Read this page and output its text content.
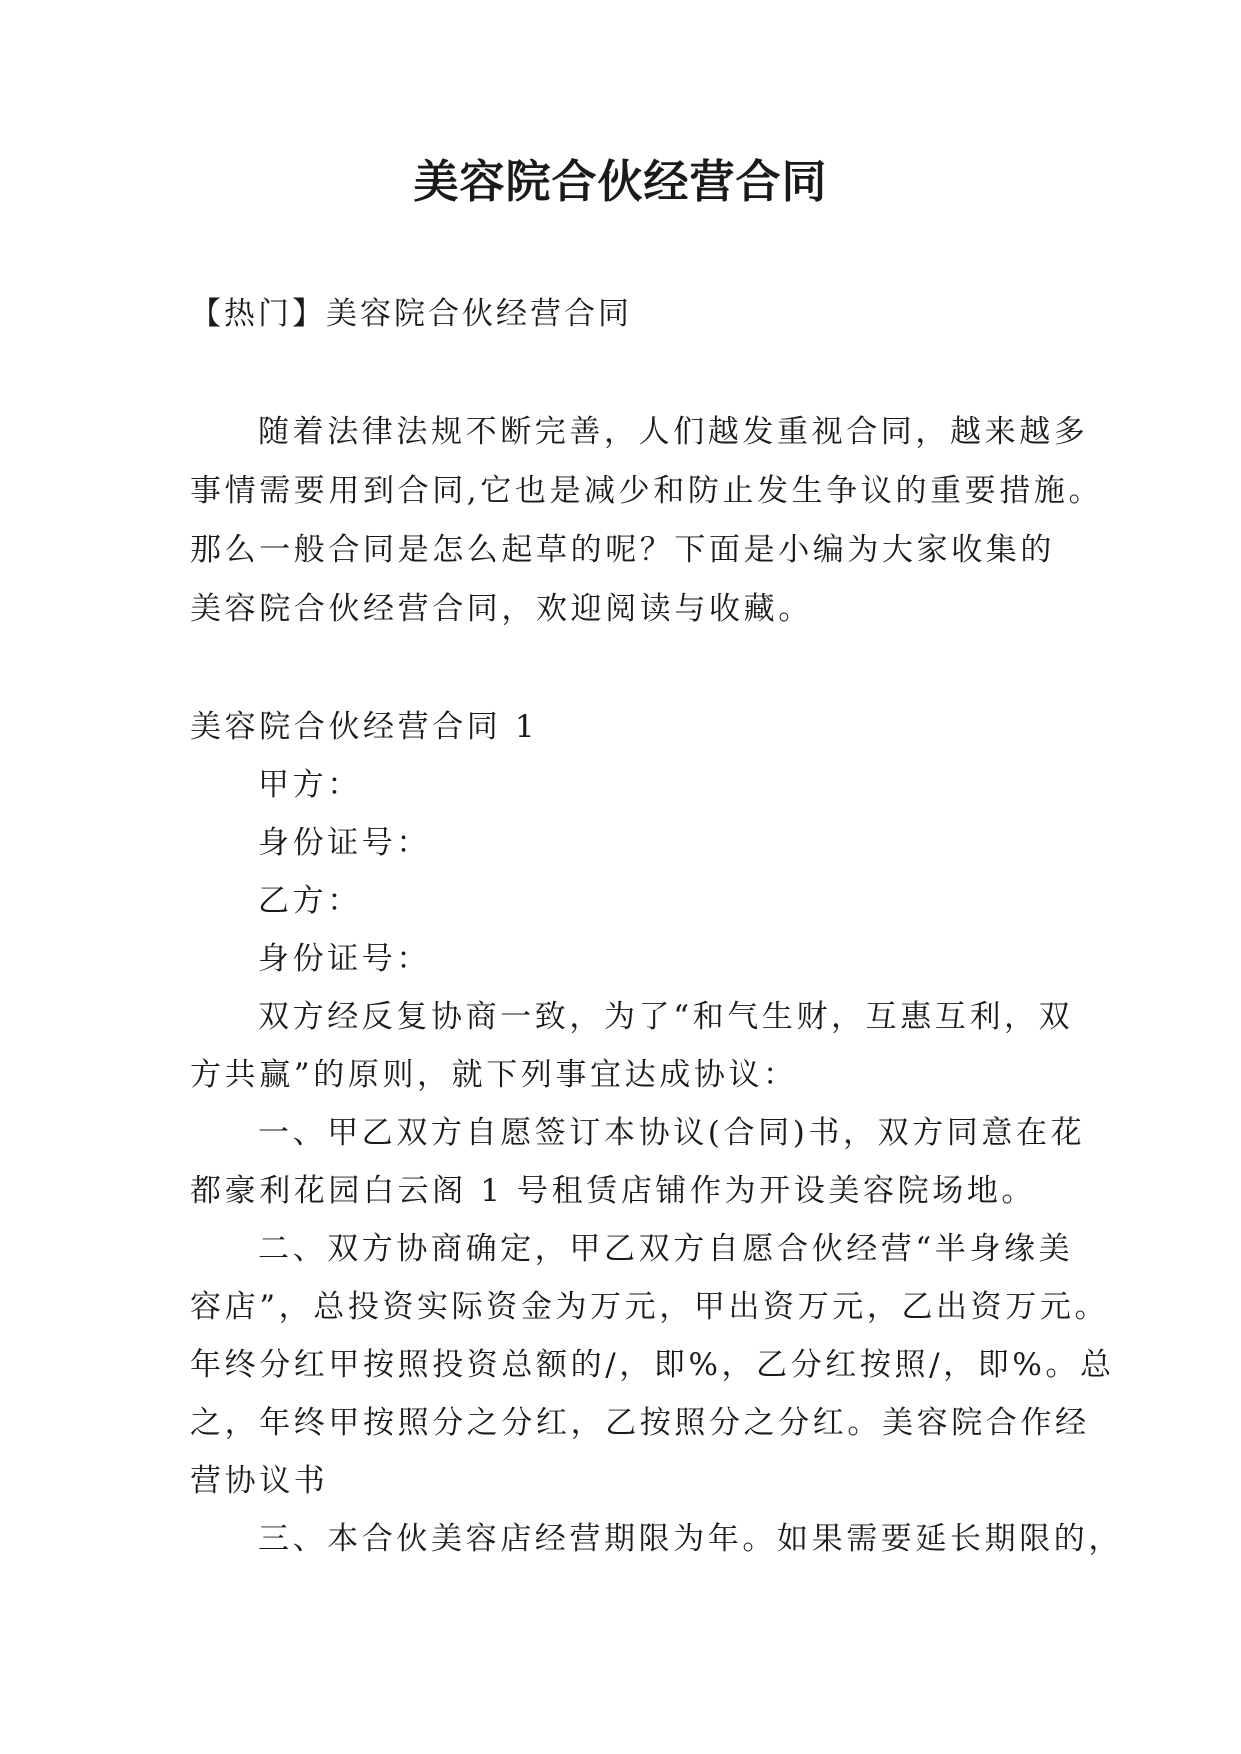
美容院合伙经营合同

【热门】美容院合伙经营合同

随着法律法规不断完善，人们越发重视合同，越来越多
事情需要用到合同,它也是减少和防止发生争议的重要措施。
那么一般合同是怎么起草的呢？下面是小编为大家收集的
美容院合伙经营合同，欢迎阅读与收藏。

美容院合伙经营合同 1
甲方：
身份证号：
乙方：
身份证号：
双方经反复协商一致，为了“和气生财，互惠互利，双
方共赢”的原则，就下列事宜达成协议：
一、甲乙双方自愿签订本协议(合同)书，双方同意在花
都豪利花园白云阁 1 号租赁店铺作为开设美容院场地。
二、双方协商确定，甲乙双方自愿合伙经营“半身缘美
容店”，总投资实际资金为万元，甲出资万元，乙出资万元。
年终分红甲按照投资总额的/，即%，乙分红按照/，即%。总
之，年终甲按照分之分红，乙按照分之分红。美容院合作经
营协议书
三、本合伙美容店经营期限为年。如果需要延长期限的，
